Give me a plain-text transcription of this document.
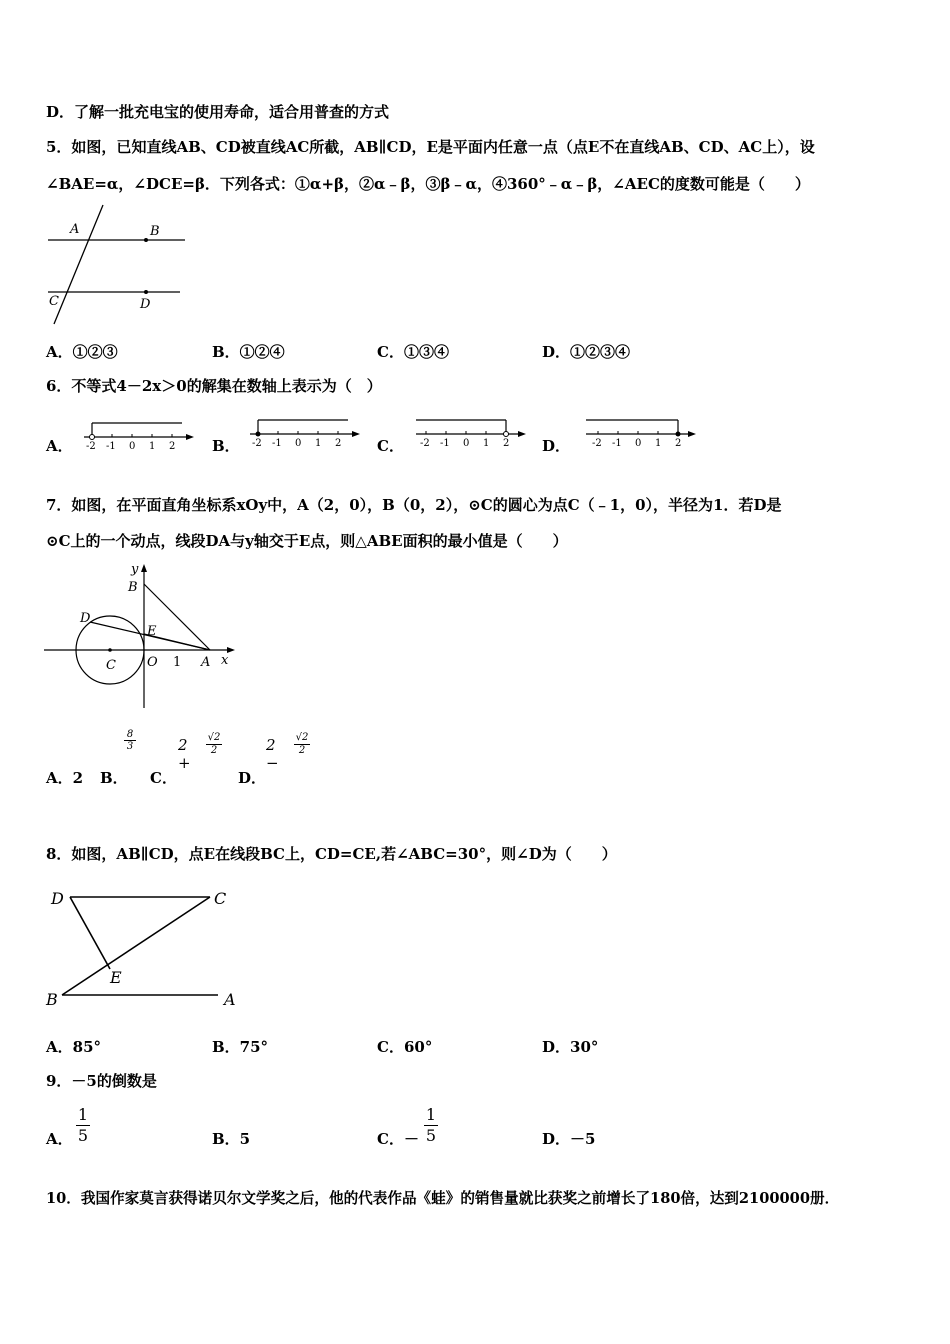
D．了解一批充电宝的使用寿命，适合用普查的方式
5．如图，已知直线AB、CD被直线AC所截，AB∥CD，E是平面内任意一点（点E不在直线AB、CD、AC上），设
∠BAE=α，∠DCE=β．下列各式：①α+β，②α﹣β，③β﹣α，④360°﹣α﹣β，∠AEC的度数可能是（　　）
A	B
C	D
A．①②③	B．①②④	C．①③④	D．①②③④
6．不等式4－2x＞0的解集在数轴上表示为（　）
A．	B．	C．	D．
-2 -1 0 1 2	-2 -1 0 1 2	-2 -1 0 1 2	-2 -1 0 1 2
7．如图，在平面直角坐标系xOy中，A（2，0），B（0，2），⊙C的圆心为点C（﹣1，0），半径为1．若D是
⊙C上的一个动点，线段DA与y轴交于E点，则△ABE面积的最小值是（　　）
y
B
D
E
C O 1 A x
$\frac{8}{3}$	2 +
$\frac{√2}{2}$	2 −
$\frac{√2}{2}$
A．2 B． C．	D．
8．如图，AB∥CD，点E在线段BC上，CD=CE,若∠ABC=30°，则∠D为（　　）
D	C
E
B	A
A．85°	B．75°	C．60°	D．30°
9．－5的倒数是
A． $\frac{1}{5}$	B．5	C．－ $\frac{1}{5}$	D．－5
10．我国作家莫言获得诺贝尔文学奖之后，他的代表作品《蛙》的销售量就比获奖之前增长了180倍，达到2100000册．
